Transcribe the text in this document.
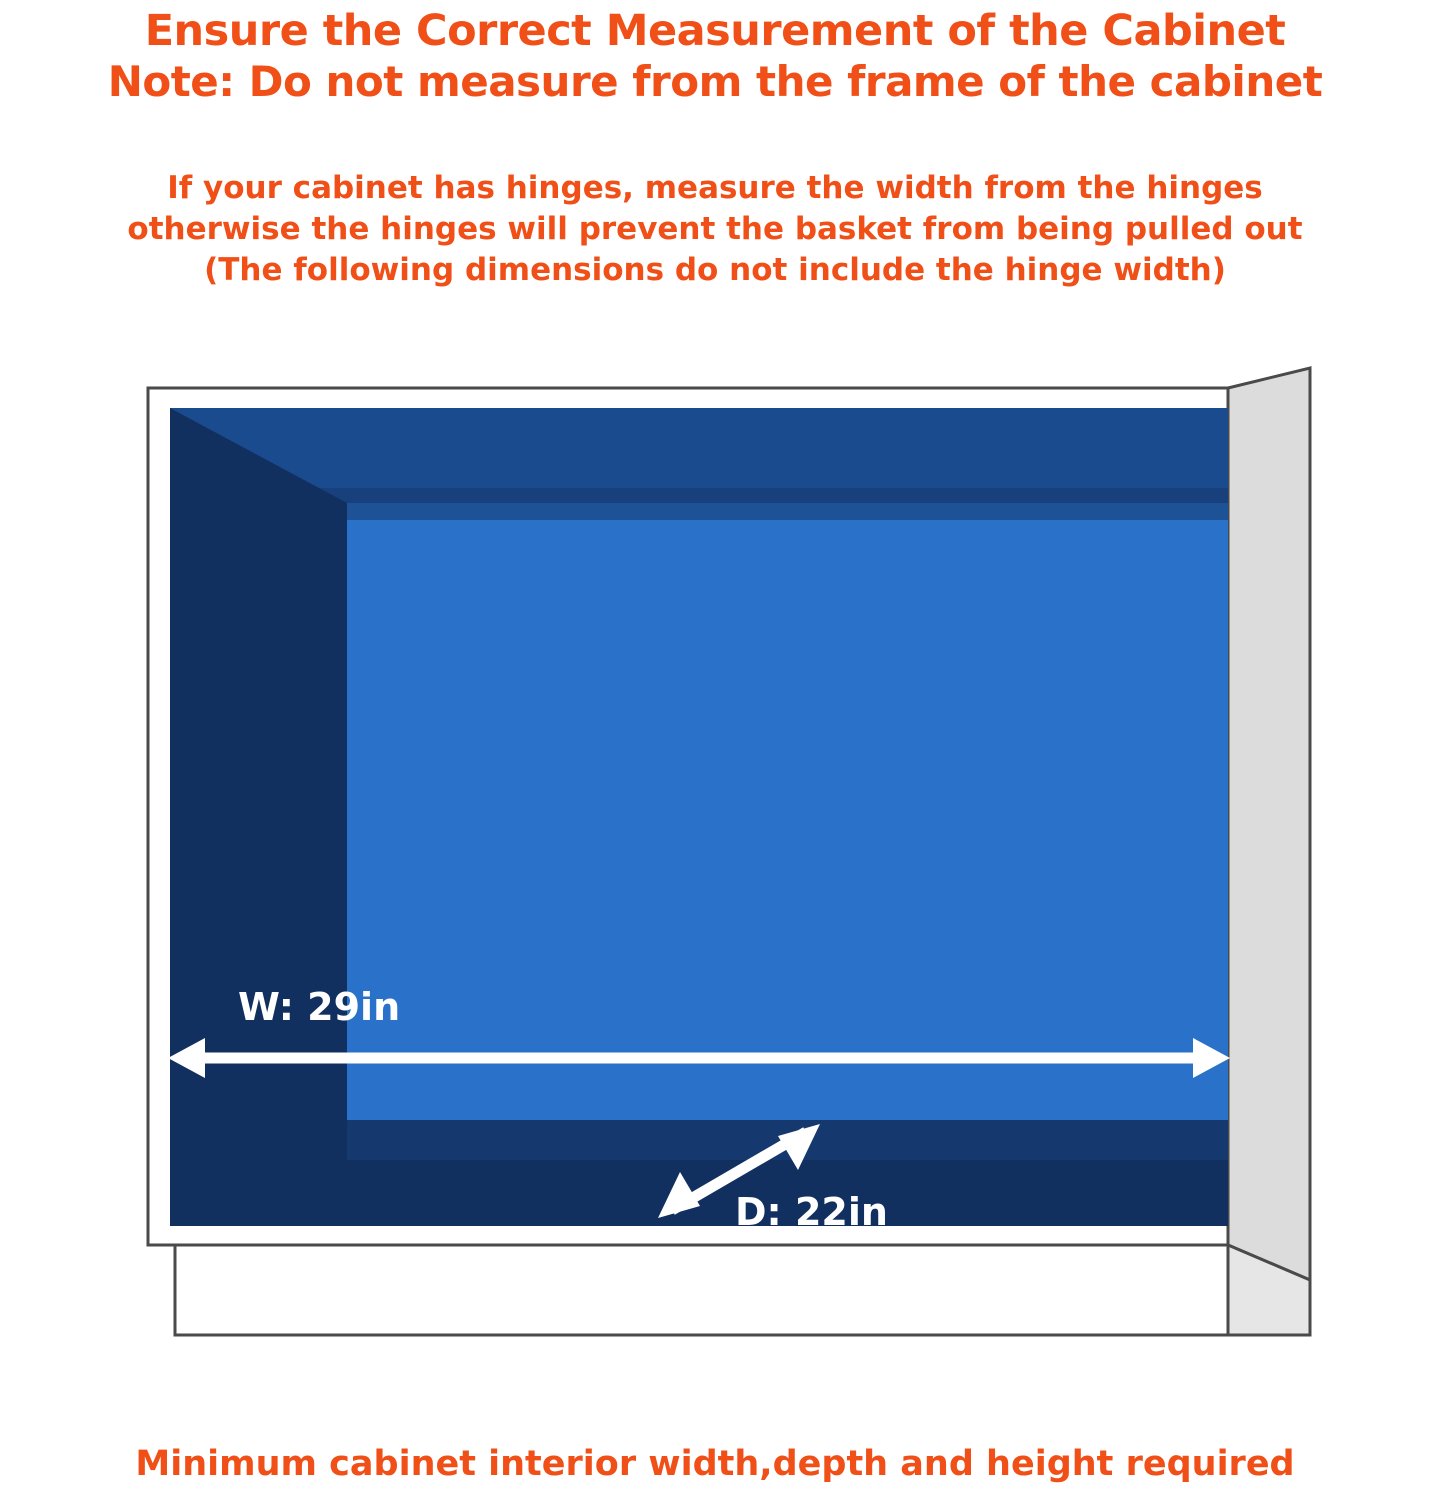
Ensure the Correct Measurement of the Cabinet
Note: Do not measure from the frame of the cabinet
If your cabinet has hinges, measure the width from the hinges
otherwise the hinges will prevent the basket from being pulled out
(The following dimensions do not include the hinge width)
W: 29in
D: 22in
Minimum cabinet interior width,depth and height required
